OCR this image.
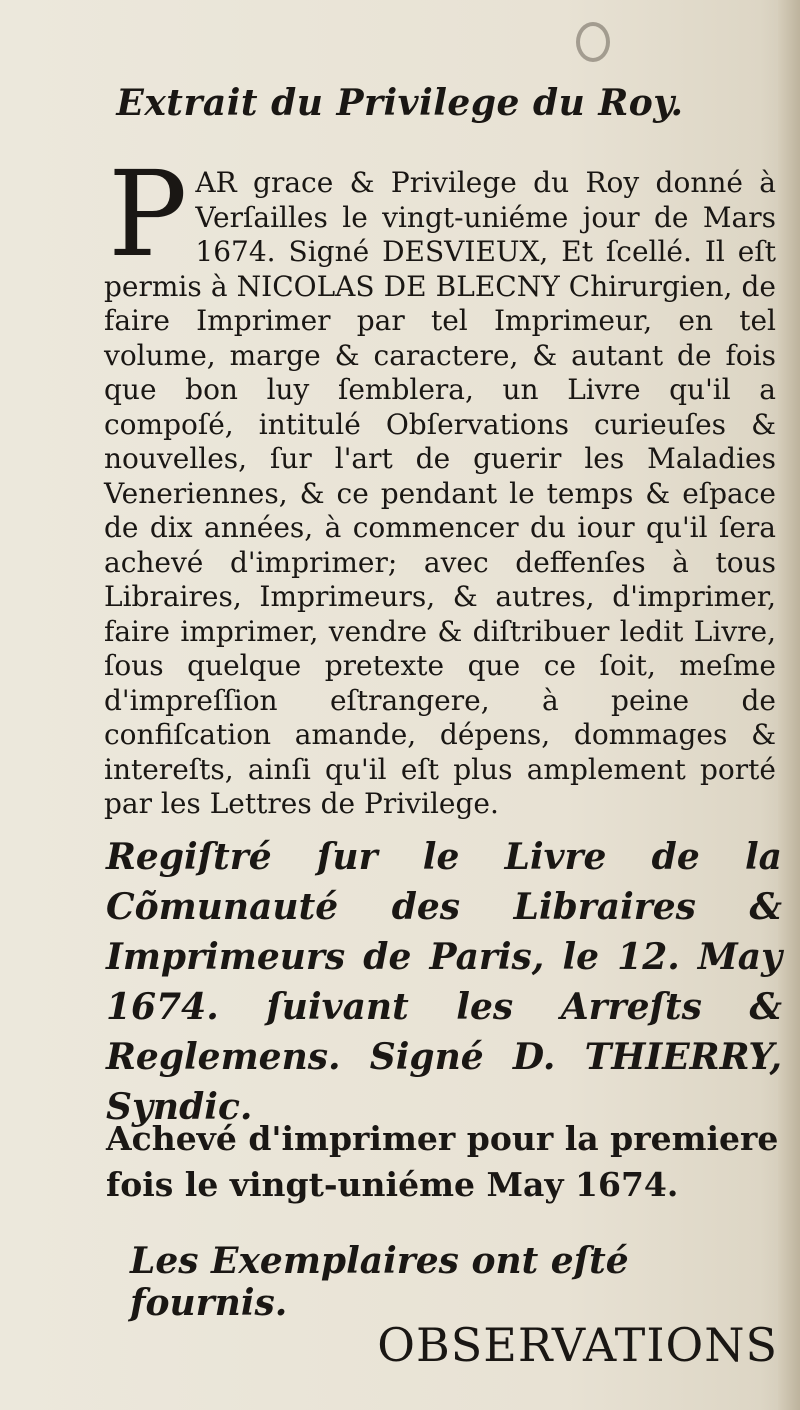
Extrait du Privilege du Roy.
P AR grace & Privilege du Roy donné à Verſailles le vingt-uniéme jour de Mars 1674. Signé DESVIEUX, Et ſcellé. Il eſt permis à NICOLAS DE BLECNY Chirurgien, de faire Imprimer par tel Imprimeur, en tel volume, marge & caractere, & autant de fois que bon luy ſemblera, un Livre qu'il a compoſé, intitulé Obſervations curieuſes & nouvelles, ſur l'art de guerir les Maladies Veneriennes, & ce pendant le temps & eſpace de dix années, à commencer du iour qu'il ſera achevé d'imprimer; avec deffenſes à tous Libraires, Imprimeurs, & autres, d'imprimer, faire imprimer, vendre & diſtribuer ledit Livre, ſous quelque pretexte que ce ſoit, meſme d'impreſſion eſtrangere, à peine de confiſcation amande, dépens, dommages & intereſts, ainſi qu'il eſt plus amplement porté par les Lettres de Privilege.
Regiſtré ſur le Livre de la Cõmunauté des Libraires & Imprimeurs de Paris, le 12. May 1674. ſuivant les Arreſts & Reglemens. Signé D. THIERRY, Syndic.
Achevé d'imprimer pour la premiere fois le vingt-uniéme May 1674.
Les Exemplaires ont eſté fournis.
OBSERVATIONS
